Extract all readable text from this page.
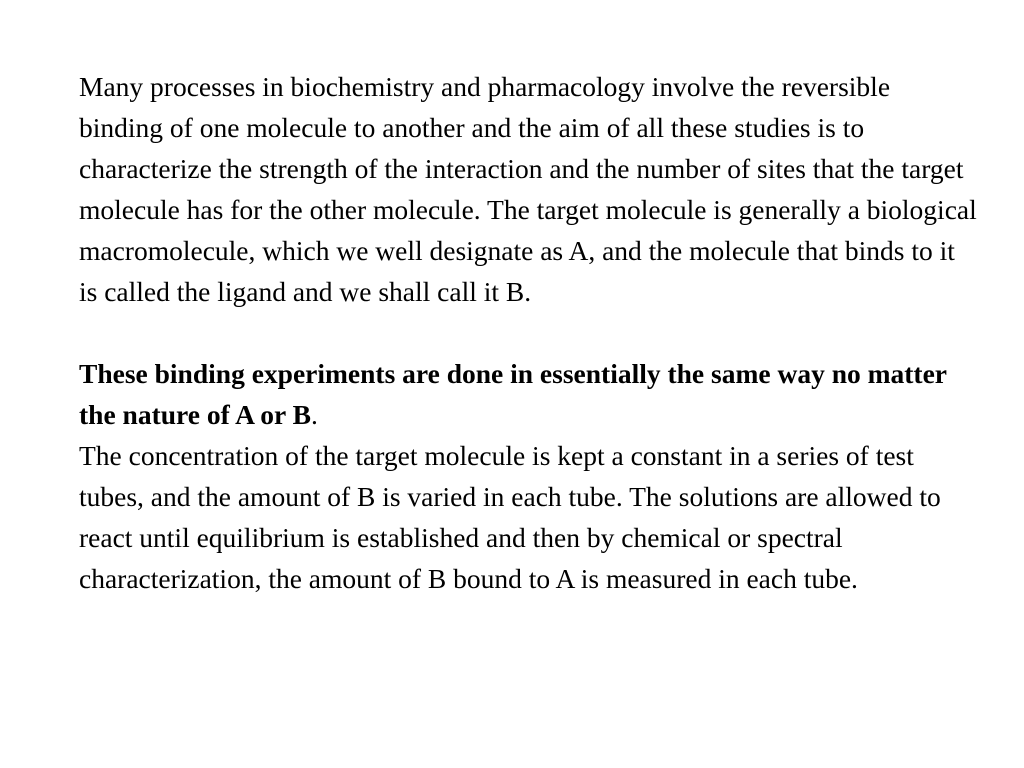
Many processes in biochemistry and pharmacology involve the reversible binding of one molecule to another and the aim of all these studies is to characterize the strength of the interaction and the number of sites that the target molecule has for the other molecule. The target molecule is generally a biological macromolecule, which we well designate as A, and the molecule that binds to it is called the ligand and we shall call it B.

These binding experiments are done in essentially the same way no matter the nature of A or B.

The concentration of the target molecule is kept a constant in a series of test tubes, and the amount of B is varied in each tube. The solutions are allowed to react until equilibrium is established and then by chemical or spectral characterization, the amount of B bound to A is measured in each tube.
